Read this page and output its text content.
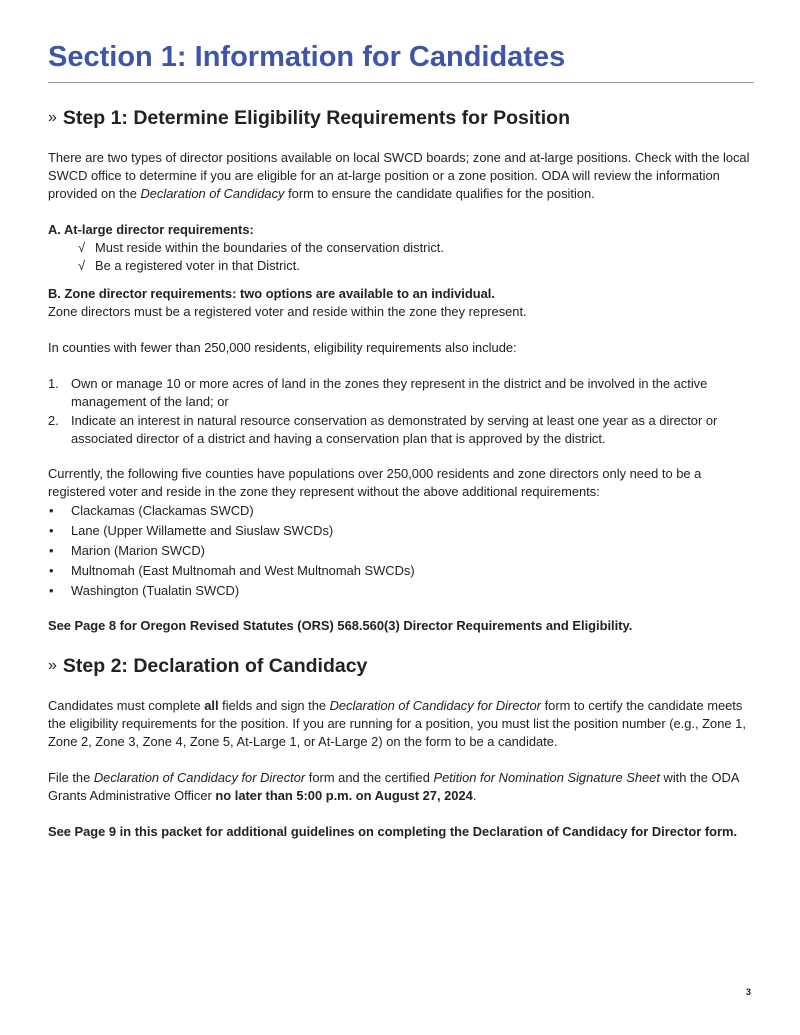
Section 1: Information for Candidates
» Step 1: Determine Eligibility Requirements for Position

There are two types of director positions available on local SWCD boards; zone and at-large positions. Check with the local SWCD office to determine if you are eligible for an at-large position or a zone position. ODA will review the information provided on the Declaration of Candidacy form to ensure the candidate qualifies for the position.

A. At-large director requirements:

√ Must reside within the boundaries of the conservation district.
√ Be a registered voter in that District.

B. Zone director requirements: two options are available to an individual.

Zone directors must be a registered voter and reside within the zone they represent.

In counties with fewer than 250,000 residents, eligibility requirements also include:

1. Own or manage 10 or more acres of land in the zones they represent in the district and be involved in the active management of the land; or
2. Indicate an interest in natural resource conservation as demonstrated by serving at least one year as a director or associated director of a district and having a conservation plan that is approved by the district.

Currently, the following five counties have populations over 250,000 residents and zone directors only need to be a registered voter and reside in the zone they represent without the above additional requirements:

• Clackamas (Clackamas SWCD)
• Lane (Upper Willamette and Siuslaw SWCDs)
• Marion (Marion SWCD)
• Multnomah (East Multnomah and West Multnomah SWCDs)
• Washington (Tualatin SWCD)

See Page 8 for Oregon Revised Statutes (ORS) 568.560(3) Director Requirements and Eligibility.

» Step 2: Declaration of Candidacy

Candidates must complete all fields and sign the Declaration of Candidacy for Director form to certify the candidate meets the eligibility requirements for the position. If you are running for a position, you must list the position number (e.g., Zone 1, Zone 2, Zone 3, Zone 4, Zone 5, At-Large 1, or At-Large 2) on the form to be a candidate.

File the Declaration of Candidacy for Director form and the certified Petition for Nomination Signature Sheet with the ODA Grants Administrative Officer no later than 5:00 p.m. on August 27, 2024.

See Page 9 in this packet for additional guidelines on completing the Declaration of Candidacy for Director form.

3
